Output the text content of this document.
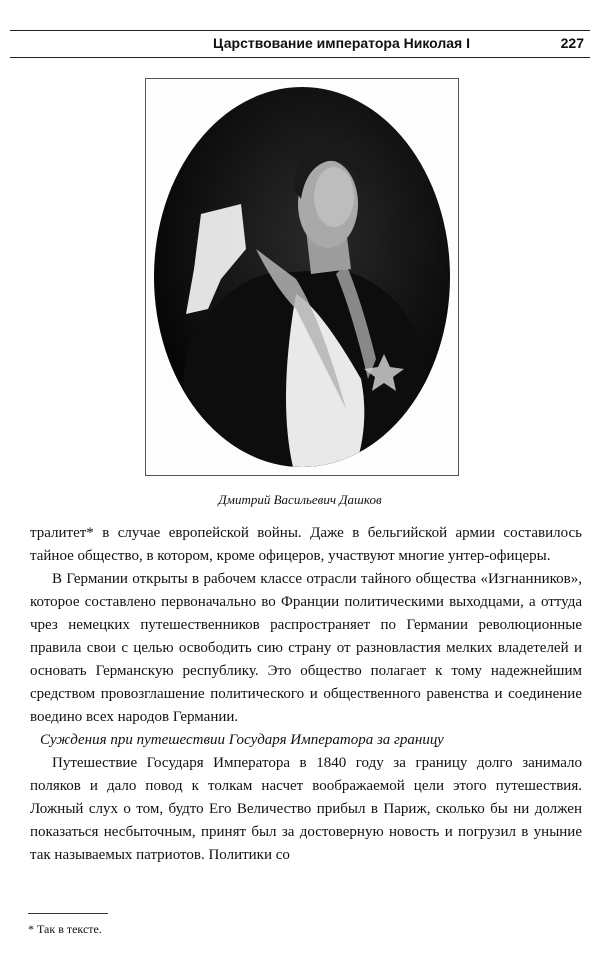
Царствование императора Николая I	227
Дмитрий Васильевич Дашков

тралитет* в случае европейской войны. Даже в бельгийской армии составилось тайное общество, в котором, кроме офицеров, участвуют многие унтер-офицеры.

В Германии открыты в рабочем классе отрасли тайного общества «Изгнанников», которое составлено первоначально во Франции политическими выходцами, а оттуда чрез немецких путешественников распространяет по Германии революционные правила свои с целью освободить сию страну от разновластия мелких владетелей и основать Германскую республику. Это общество полагает к тому надежнейшим средством провозглашение политического и общественного равенства и соединение воедино всех народов Германии.

Суждения при путешествии Государя Императора за границу

Путешествие Государя Императора в 1840 году за границу долго занимало поляков и дало повод к толкам насчет воображаемой цели этого путешествия. Ложный слух о том, будто Его Величество прибыл в Париж, сколько бы ни должен показаться несбыточным, принят был за достоверную новость и погрузил в уныние так называемых патриотов. Политики со

* Так в тексте.
